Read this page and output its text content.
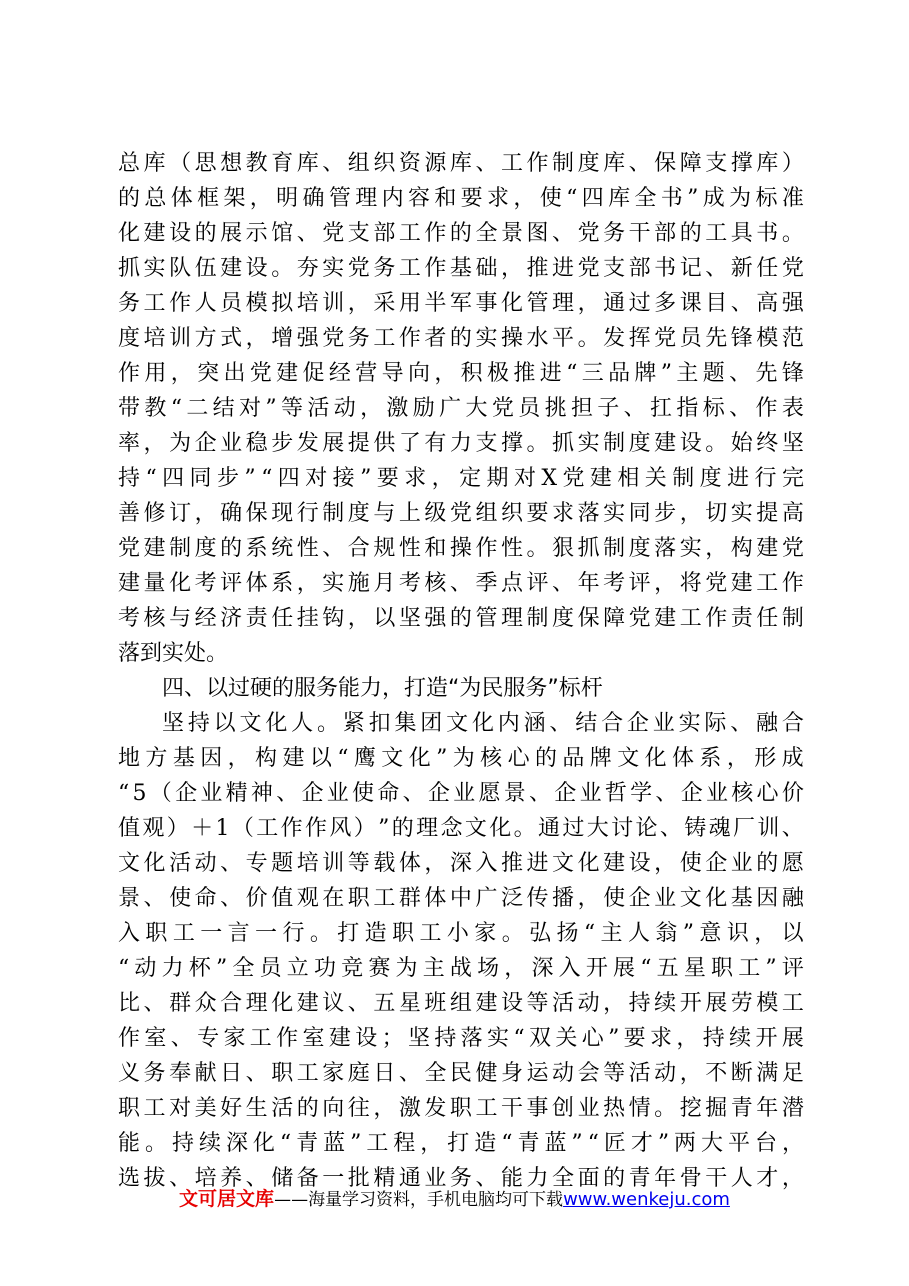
总 库 （ 思 想 教 育 库 、 组 织 资 源 库 、 工 作 制 度 库 、 保 障 支 撑 库 ）
的 总 体 框 架 ， 明 确 管 理 内 容 和 要 求 ， 使 “ 四 库 全 书 ” 成 为 标 准
化 建 设 的 展 示 馆 、 党 支 部 工 作 的 全 景 图 、 党 务 干 部 的 工 具 书 。
抓 实 队 伍 建 设 。 夯 实 党 务 工 作 基 础 ， 推 进 党 支 部 书 记 、 新 任 党
务 工 作 人 员 模 拟 培 训 ， 采 用 半 军 事 化 管 理 ， 通 过 多 课 目 、 高 强
度 培 训 方 式 ， 增 强 党 务 工 作 者 的 实 操 水 平 。 发 挥 党 员 先 锋 模 范
作 用 ， 突 出 党 建 促 经 营 导 向 ， 积 极 推 进 “ 三 品 牌 ” 主 题 、 先 锋
带 教 “ 二 结 对 ” 等 活 动 ， 激 励 广 大 党 员 挑 担 子 、 扛 指 标 、 作 表
率 ， 为 企 业 稳 步 发 展 提 供 了 有 力 支 撑 。 抓 实 制 度 建 设 。 始 终 坚
持 “ 四 同 步 ” “ 四 对 接 ” 要 求 ， 定 期 对 X 党 建 相 关 制 度 进 行 完
善 修 订 ， 确 保 现 行 制 度 与 上 级 党 组 织 要 求 落 实 同 步 ， 切 实 提 高
党 建 制 度 的 系 统 性 、 合 规 性 和 操 作 性 。 狠 抓 制 度 落 实 ， 构 建 党
建 量 化 考 评 体 系 ， 实 施 月 考 核 、 季 点 评 、 年 考 评 ， 将 党 建 工 作
考 核 与 经 济 责 任 挂 钩 ， 以 坚 强 的 管 理 制 度 保 障 党 建 工 作 责 任 制
落到实处。
四、以过硬的服务能力，打造“为民服务”标杆
坚 持 以 文 化 人 。 紧 扣 集 团 文 化 内 涵 、 结 合 企 业 实 际 、 融 合
地 方 基 因 ， 构 建 以 “ 鹰 文 化 ” 为 核 心 的 品 牌 文 化 体 系 ， 形 成
“ 5 （ 企 业 精 神 、 企 业 使 命 、 企 业 愿 景 、 企 业 哲 学 、 企 业 核 心 价
值 观 ） ＋ 1 （ 工 作 作 风 ） ” 的 理 念 文 化 。 通 过 大 讨 论 、 铸 魂 厂 训 、
文 化 活 动 、 专 题 培 训 等 载 体 ， 深 入 推 进 文 化 建 设 ， 使 企 业 的 愿
景 、 使 命 、 价 值 观 在 职 工 群 体 中 广 泛 传 播 ， 使 企 业 文 化 基 因 融
入 职 工 一 言 一 行 。 打 造 职 工 小 家 。 弘 扬 “ 主 人 翁 ” 意 识 ， 以
“ 动 力 杯 ” 全 员 立 功 竞 赛 为 主 战 场 ， 深 入 开 展 “ 五 星 职 工 ” 评
比 、 群 众 合 理 化 建 议 、 五 星 班 组 建 设 等 活 动 ， 持 续 开 展 劳 模 工
作 室 、 专 家 工 作 室 建 设 ； 坚 持 落 实 “ 双 关 心 ” 要 求 ， 持 续 开 展
义 务 奉 献 日 、 职 工 家 庭 日 、 全 民 健 身 运 动 会 等 活 动 ， 不 断 满 足
职 工 对 美 好 生 活 的 向 往 ， 激 发 职 工 干 事 创 业 热 情 。 挖 掘 青 年 潜
能 。 持 续 深 化 “ 青 蓝 ” 工 程 ， 打 造 “ 青 蓝 ” “ 匠 才 ” 两 大 平 台 ，
选 拔 、 培 养 、 储 备 一 批 精 通 业 务 、 能 力 全 面 的 青 年 骨 干 人 才 ，
文可居文库——海量学习资料，手机电脑均可下载www.wenkeju.com
